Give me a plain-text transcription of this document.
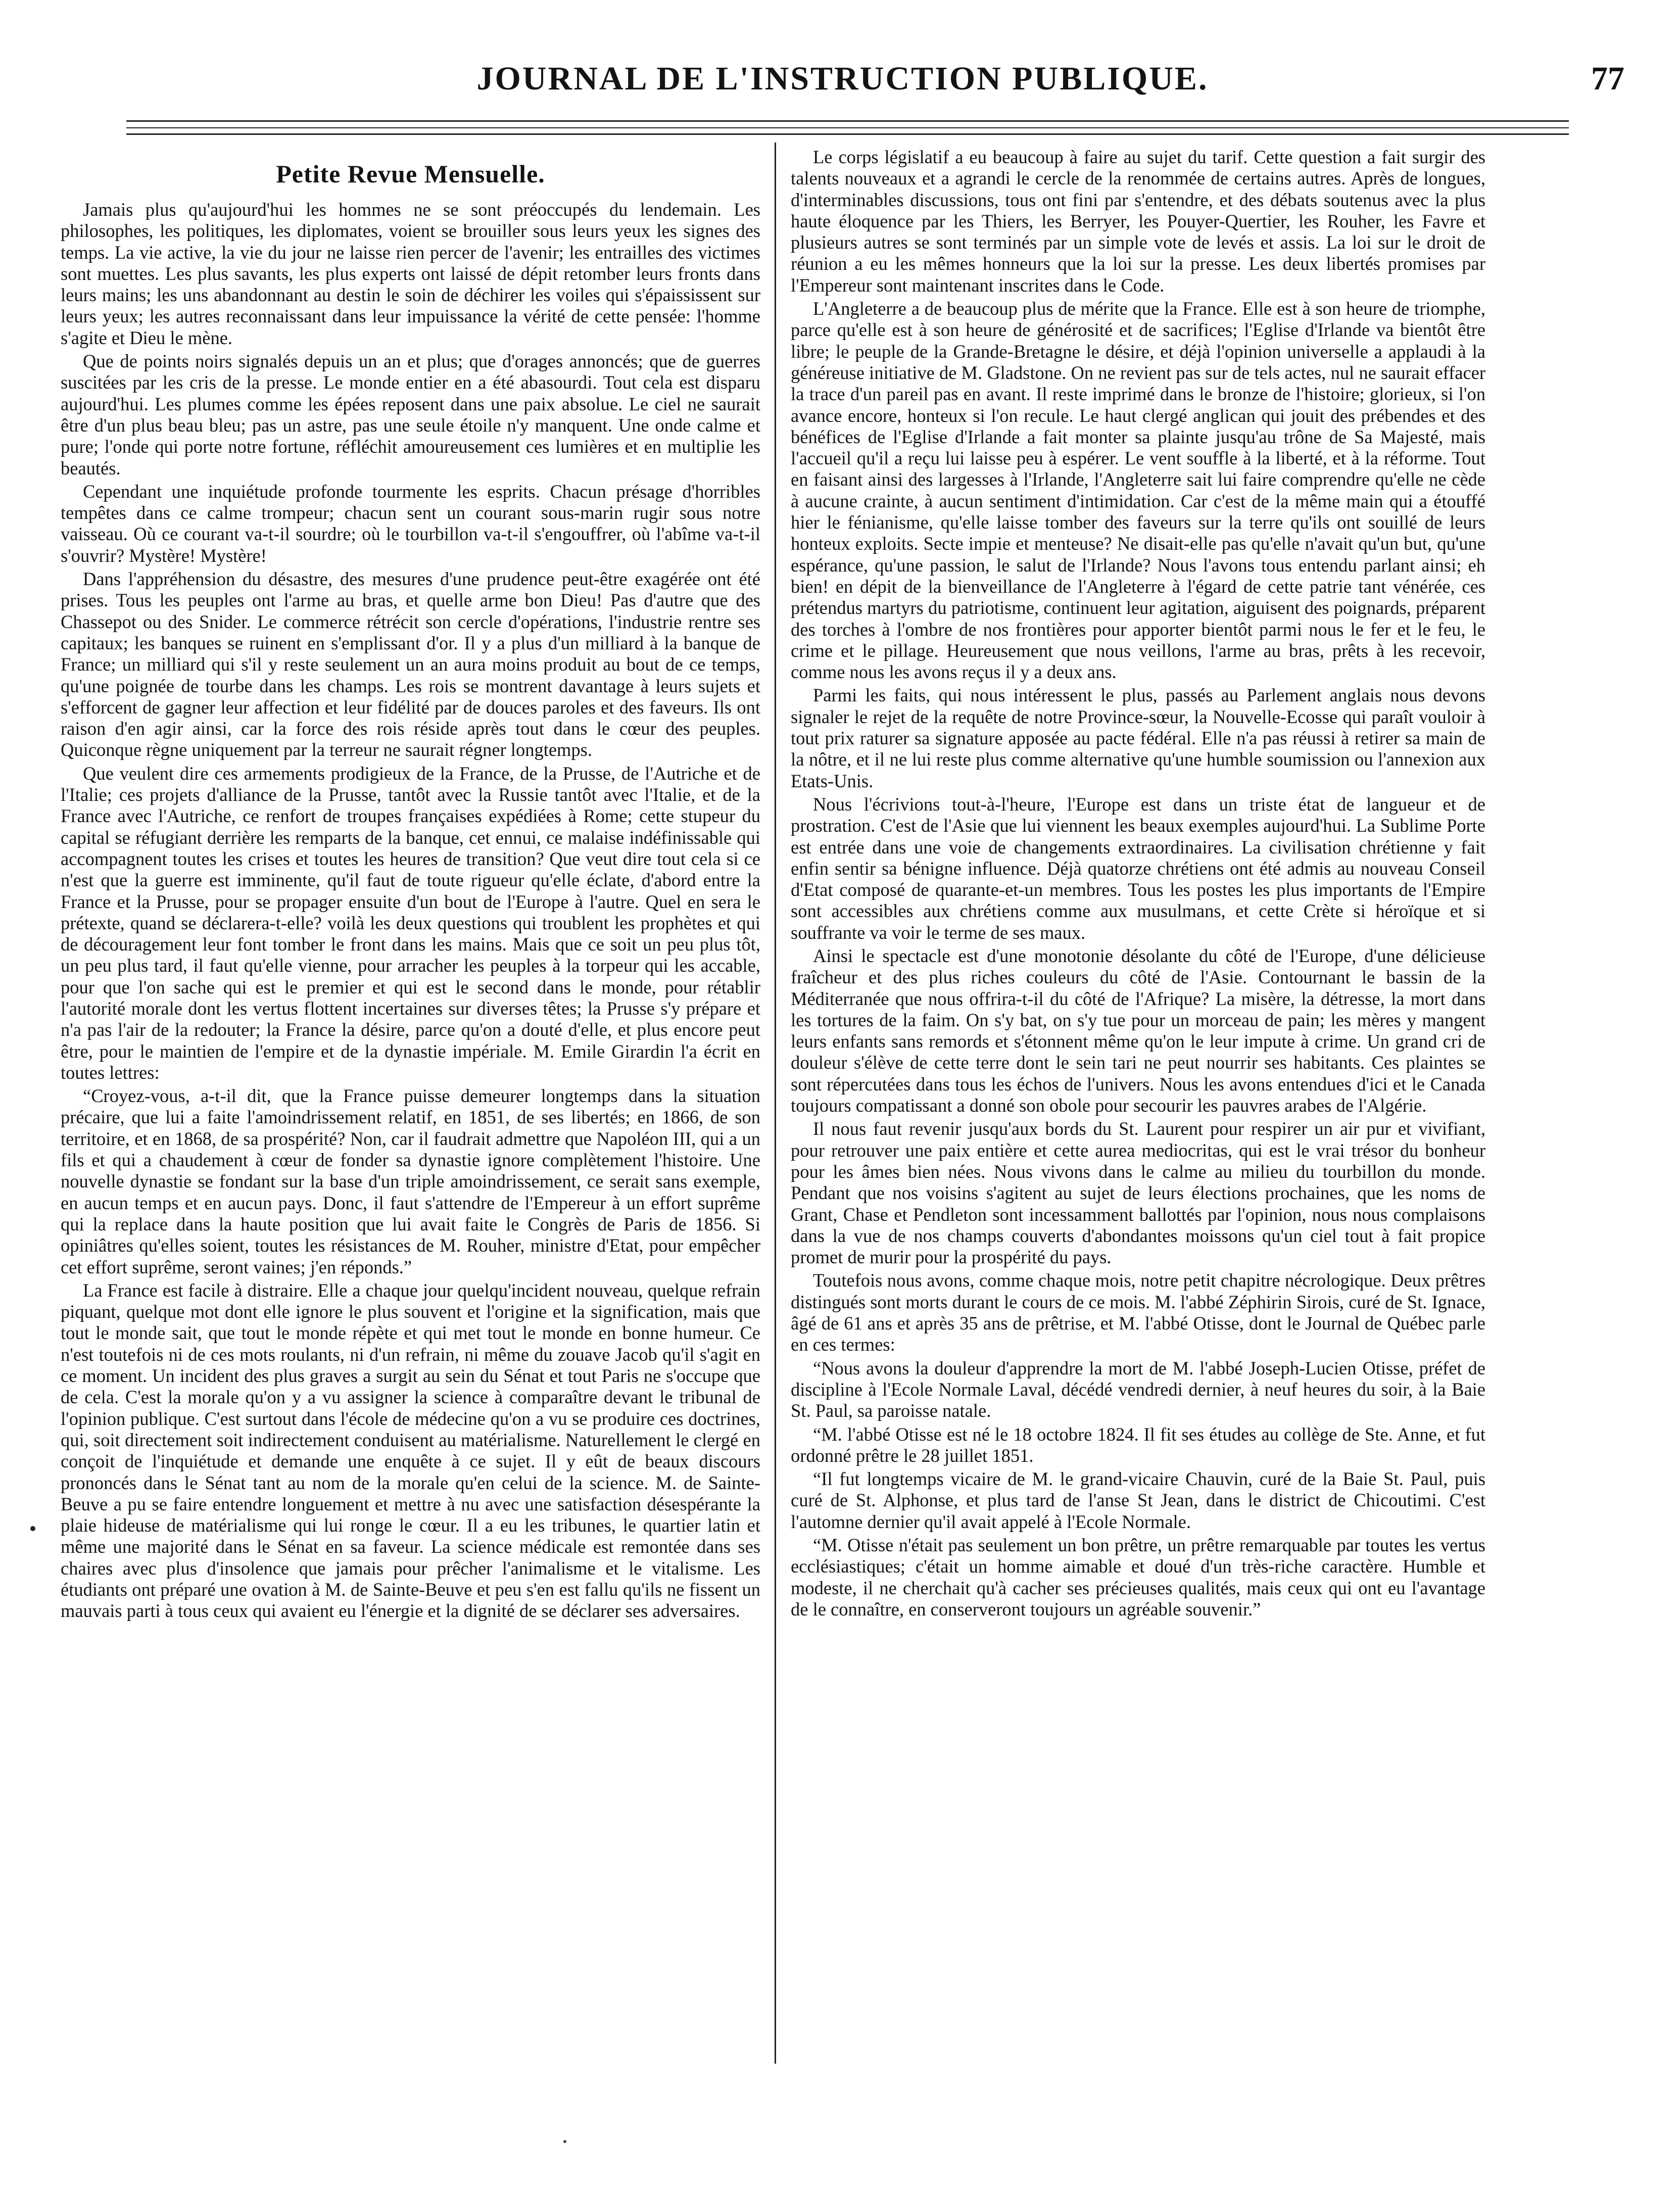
JOURNAL DE L'INSTRUCTION PUBLIQUE.	77
Petite Revue Mensuelle.

Jamais plus qu'aujourd'hui les hommes ne se sont préoccupés du lendemain. Les philosophes, les politiques, les diplomates, voient se brouiller sous leurs yeux les signes des temps. La vie active, la vie du jour ne laisse rien percer de l'avenir; les entrailles des victimes sont muettes. Les plus savants, les plus experts ont laissé de dépit retomber leurs fronts dans leurs mains; les uns abandonnant au destin le soin de déchirer les voiles qui s'épaississent sur leurs yeux; les autres reconnaissant dans leur impuissance la vérité de cette pensée: l'homme s'agite et Dieu le mène.

Que de points noirs signalés depuis un an et plus; que d'orages annoncés; que de guerres suscitées par les cris de la presse. Le monde entier en a été abasourdi. Tout cela est disparu aujourd'hui. Les plumes comme les épées reposent dans une paix absolue. Le ciel ne saurait être d'un plus beau bleu; pas un astre, pas une seule étoile n'y manquent. Une onde calme et pure; l'onde qui porte notre fortune, réfléchit amoureusement ces lumières et en multiplie les beautés.

Cependant une inquiétude profonde tourmente les esprits. Chacun présage d'horribles tempêtes dans ce calme trompeur; chacun sent un courant sous-marin rugir sous notre vaisseau. Où ce courant va-t-il sourdre; où le tourbillon va-t-il s'engouffrer, où l'abîme va-t-il s'ouvrir? Mystère! Mystère!

Dans l'appréhension du désastre, des mesures d'une prudence peut-être exagérée ont été prises. Tous les peuples ont l'arme au bras, et quelle arme bon Dieu! Pas d'autre que des Chassepot ou des Snider. Le commerce rétrécit son cercle d'opérations, l'industrie rentre ses capitaux; les banques se ruinent en s'emplissant d'or. Il y a plus d'un milliard à la banque de France; un milliard qui s'il y reste seulement un an aura moins produit au bout de ce temps, qu'une poignée de tourbe dans les champs. Les rois se montrent davantage à leurs sujets et s'efforcent de gagner leur affection et leur fidélité par de douces paroles et des faveurs. Ils ont raison d'en agir ainsi, car la force des rois réside après tout dans le cœur des peuples. Quiconque règne uniquement par la terreur ne saurait régner longtemps.

Que veulent dire ces armements prodigieux de la France, de la Prusse, de l'Autriche et de l'Italie; ces projets d'alliance de la Prusse, tantôt avec la Russie tantôt avec l'Italie, et de la France avec l'Autriche, ce renfort de troupes françaises expédiées à Rome; cette stupeur du capital se réfugiant derrière les remparts de la banque, cet ennui, ce malaise indéfinissable qui accompagnent toutes les crises et toutes les heures de transition? Que veut dire tout cela si ce n'est que la guerre est imminente, qu'il faut de toute rigueur qu'elle éclate, d'abord entre la France et la Prusse, pour se propager ensuite d'un bout de l'Europe à l'autre. Quel en sera le prétexte, quand se déclarera-t-elle? voilà les deux questions qui troublent les prophètes et qui de découragement leur font tomber le front dans les mains. Mais que ce soit un peu plus tôt, un peu plus tard, il faut qu'elle vienne, pour arracher les peuples à la torpeur qui les accable, pour que l'on sache qui est le premier et qui est le second dans le monde, pour rétablir l'autorité morale dont les vertus flottent incertaines sur diverses têtes; la Prusse s'y prépare et n'a pas l'air de la redouter; la France la désire, parce qu'on a douté d'elle, et plus encore peut être, pour le maintien de l'empire et de la dynastie impériale. M. Emile Girardin l'a écrit en toutes lettres:

“Croyez-vous, a-t-il dit, que la France puisse demeurer longtemps dans la situation précaire, que lui a faite l'amoindrissement relatif, en 1851, de ses libertés; en 1866, de son territoire, et en 1868, de sa prospérité? Non, car il faudrait admettre que Napoléon III, qui a un fils et qui a chaudement à cœur de fonder sa dynastie ignore complètement l'histoire. Une nouvelle dynastie se fondant sur la base d'un triple amoindrissement, ce serait sans exemple, en aucun temps et en aucun pays. Donc, il faut s'attendre de l'Empereur à un effort suprême qui la replace dans la haute position que lui avait faite le Congrès de Paris de 1856. Si opiniâtres qu'elles soient, toutes les résistances de M. Rouher, ministre d'Etat, pour empêcher cet effort suprême, seront vaines; j'en réponds.”

La France est facile à distraire. Elle a chaque jour quelqu'incident nouveau, quelque refrain piquant, quelque mot dont elle ignore le plus souvent et l'origine et la signification, mais que tout le monde sait, que tout le monde répète et qui met tout le monde en bonne humeur. Ce n'est toutefois ni de ces mots roulants, ni d'un refrain, ni même du zouave Jacob qu'il s'agit en ce moment. Un incident des plus graves a surgit au sein du Sénat et tout Paris ne s'occupe que de cela. C'est la morale qu'on y a vu assigner la science à comparaître devant le tribunal de l'opinion publique. C'est surtout dans l'école de médecine qu'on a vu se produire ces doctrines, qui, soit directement soit indirectement conduisent au matérialisme. Naturellement le clergé en conçoit de l'inquiétude et demande une enquête à ce sujet. Il y eût de beaux discours prononcés dans le Sénat tant au nom de la morale qu'en celui de la science. M. de Sainte-Beuve a pu se faire entendre longuement et mettre à nu avec une satisfaction désespérante la plaie hideuse de matérialisme qui lui ronge le cœur. Il a eu les tribunes, le quartier latin et même une majorité dans le Sénat en sa faveur. La science médicale est remontée dans ses chaires avec plus d'insolence que jamais pour prêcher l'animalisme et le vitalisme. Les étudiants ont préparé une ovation à M. de Sainte-Beuve et peu s'en est fallu qu'ils ne fissent un mauvais parti à tous ceux qui avaient eu l'énergie et la dignité de se déclarer ses adversaires.

Le corps législatif a eu beaucoup à faire au sujet du tarif. Cette question a fait surgir des talents nouveaux et a agrandi le cercle de la renommée de certains autres. Après de longues, d'interminables discussions, tous ont fini par s'entendre, et des débats soutenus avec la plus haute éloquence par les Thiers, les Berryer, les Pouyer-Quertier, les Rouher, les Favre et plusieurs autres se sont terminés par un simple vote de levés et assis. La loi sur le droit de réunion a eu les mêmes honneurs que la loi sur la presse. Les deux libertés promises par l'Empereur sont maintenant inscrites dans le Code.

L'Angleterre a de beaucoup plus de mérite que la France. Elle est à son heure de triomphe, parce qu'elle est à son heure de générosité et de sacrifices; l'Eglise d'Irlande va bientôt être libre; le peuple de la Grande-Bretagne le désire, et déjà l'opinion universelle a applaudi à la généreuse initiative de M. Gladstone. On ne revient pas sur de tels actes, nul ne saurait effacer la trace d'un pareil pas en avant. Il reste imprimé dans le bronze de l'histoire; glorieux, si l'on avance encore, honteux si l'on recule. Le haut clergé anglican qui jouit des prébendes et des bénéfices de l'Eglise d'Irlande a fait monter sa plainte jusqu'au trône de Sa Majesté, mais l'accueil qu'il a reçu lui laisse peu à espérer. Le vent souffle à la liberté, et à la réforme. Tout en faisant ainsi des largesses à l'Irlande, l'Angleterre sait lui faire comprendre qu'elle ne cède à aucune crainte, à aucun sentiment d'intimidation. Car c'est de la même main qui a étouffé hier le fénianisme, qu'elle laisse tomber des faveurs sur la terre qu'ils ont souillé de leurs honteux exploits. Secte impie et menteuse? Ne disait-elle pas qu'elle n'avait qu'un but, qu'une espérance, qu'une passion, le salut de l'Irlande? Nous l'avons tous entendu parlant ainsi; eh bien! en dépit de la bienveillance de l'Angleterre à l'égard de cette patrie tant vénérée, ces prétendus martyrs du patriotisme, continuent leur agitation, aiguisent des poignards, préparent des torches à l'ombre de nos frontières pour apporter bientôt parmi nous le fer et le feu, le crime et le pillage. Heureusement que nous veillons, l'arme au bras, prêts à les recevoir, comme nous les avons reçus il y a deux ans.

Parmi les faits, qui nous intéressent le plus, passés au Parlement anglais nous devons signaler le rejet de la requête de notre Province-sœur, la Nouvelle-Ecosse qui paraît vouloir à tout prix raturer sa signature apposée au pacte fédéral. Elle n'a pas réussi à retirer sa main de la nôtre, et il ne lui reste plus comme alternative qu'une humble soumission ou l'annexion aux Etats-Unis.

Nous l'écrivions tout-à-l'heure, l'Europe est dans un triste état de langueur et de prostration. C'est de l'Asie que lui viennent les beaux exemples aujourd'hui. La Sublime Porte est entrée dans une voie de changements extraordinaires. La civilisation chrétienne y fait enfin sentir sa bénigne influence. Déjà quatorze chrétiens ont été admis au nouveau Conseil d'Etat composé de quarante-et-un membres. Tous les postes les plus importants de l'Empire sont accessibles aux chrétiens comme aux musulmans, et cette Crète si héroïque et si souffrante va voir le terme de ses maux.

Ainsi le spectacle est d'une monotonie désolante du côté de l'Europe, d'une délicieuse fraîcheur et des plus riches couleurs du côté de l'Asie. Contournant le bassin de la Méditerranée que nous offrira-t-il du côté de l'Afrique? La misère, la détresse, la mort dans les tortures de la faim. On s'y bat, on s'y tue pour un morceau de pain; les mères y mangent leurs enfants sans remords et s'étonnent même qu'on le leur impute à crime. Un grand cri de douleur s'élève de cette terre dont le sein tari ne peut nourrir ses habitants. Ces plaintes se sont répercutées dans tous les échos de l'univers. Nous les avons entendues d'ici et le Canada toujours compatissant a donné son obole pour secourir les pauvres arabes de l'Algérie.

Il nous faut revenir jusqu'aux bords du St. Laurent pour respirer un air pur et vivifiant, pour retrouver une paix entière et cette aurea mediocritas, qui est le vrai trésor du bonheur pour les âmes bien nées. Nous vivons dans le calme au milieu du tourbillon du monde. Pendant que nos voisins s'agitent au sujet de leurs élections prochaines, que les noms de Grant, Chase et Pendleton sont incessamment ballottés par l'opinion, nous nous complaisons dans la vue de nos champs couverts d'abondantes moissons qu'un ciel tout à fait propice promet de murir pour la prospérité du pays.

Toutefois nous avons, comme chaque mois, notre petit chapitre nécrologique. Deux prêtres distingués sont morts durant le cours de ce mois. M. l'abbé Zéphirin Sirois, curé de St. Ignace, âgé de 61 ans et après 35 ans de prêtrise, et M. l'abbé Otisse, dont le Journal de Québec parle en ces termes:

“Nous avons la douleur d'apprendre la mort de M. l'abbé Joseph-Lucien Otisse, préfet de discipline à l'Ecole Normale Laval, décédé vendredi dernier, à neuf heures du soir, à la Baie St. Paul, sa paroisse natale.

“M. l'abbé Otisse est né le 18 octobre 1824. Il fit ses études au collège de Ste. Anne, et fut ordonné prêtre le 28 juillet 1851.

“Il fut longtemps vicaire de M. le grand-vicaire Chauvin, curé de la Baie St. Paul, puis curé de St. Alphonse, et plus tard de l'anse St Jean, dans le district de Chicoutimi. C'est l'automne dernier qu'il avait appelé à l'Ecole Normale.

“M. Otisse n'était pas seulement un bon prêtre, un prêtre remarquable par toutes les vertus ecclésiastiques; c'était un homme aimable et doué d'un très-riche caractère. Humble et modeste, il ne cherchait qu'à cacher ses précieuses qualités, mais ceux qui ont eu l'avantage de le connaître, en conserveront toujours un agréable souvenir.”
